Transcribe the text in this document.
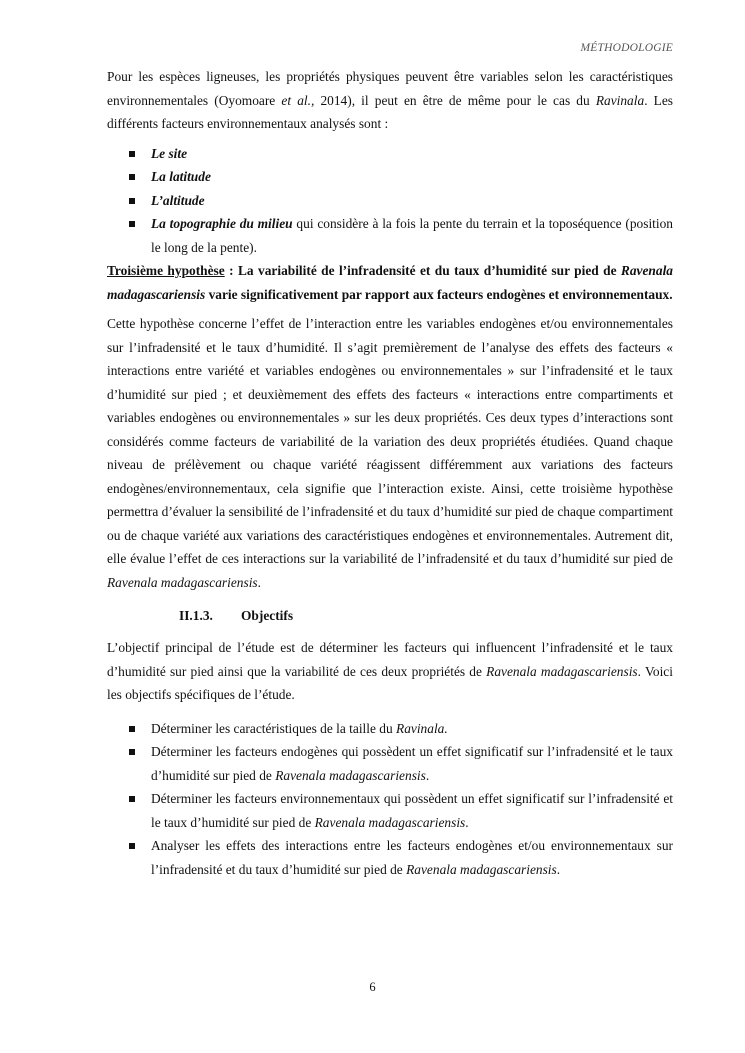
MÉTHODOLOGIE

Pour les espèces ligneuses, les propriétés physiques peuvent être variables selon les caractéristiques environnementales (Oyomoare et al., 2014), il peut en être de même pour le cas du Ravinala. Les différents facteurs environnementaux analysés sont :

Le site
La latitude
L’altitude
La topographie du milieu qui considère à la fois la pente du terrain et la toposéquence (position le long de la pente).

Troisième hypothèse : La variabilité de l’infradensité et du taux d’humidité sur pied de Ravenala madagascariensis varie significativement par rapport aux facteurs endogènes et environnementaux.

Cette hypothèse concerne l’effet de l’interaction entre les variables endogènes et/ou environnementales sur l’infradensité et le taux d’humidité. Il s’agit premièrement de l’analyse des effets des facteurs « interactions entre variété et variables endogènes ou environnementales » sur l’infradensité et le taux d’humidité sur pied ; et deuxièmement des effets des facteurs « interactions entre compartiments et variables endogènes ou environnementales » sur les deux propriétés. Ces deux types d’interactions sont considérés comme facteurs de variabilité de la variation des deux propriétés étudiées. Quand chaque niveau de prélèvement ou chaque variété réagissent différemment aux variations des facteurs endogènes/environnementaux, cela signifie que l’interaction existe. Ainsi, cette troisième hypothèse permettra d’évaluer la sensibilité de l’infradensité et du taux d’humidité sur pied de chaque compartiment ou de chaque variété aux variations des caractéristiques endogènes et environnementales. Autrement dit, elle évalue l’effet de ces interactions sur la variabilité de l’infradensité et du taux d’humidité sur pied de Ravenala madagascariensis.

II.1.3. Objectifs

L’objectif principal de l’étude est de déterminer les facteurs qui influencent l’infradensité et le taux d’humidité sur pied ainsi que la variabilité de ces deux propriétés de Ravenala madagascariensis. Voici les objectifs spécifiques de l’étude.

Déterminer les caractéristiques de la taille du Ravinala.
Déterminer les facteurs endogènes qui possèdent un effet significatif sur l’infradensité et le taux d’humidité sur pied de Ravenala madagascariensis.
Déterminer les facteurs environnementaux qui possèdent un effet significatif sur l’infradensité et le taux d’humidité sur pied de Ravenala madagascariensis.
Analyser les effets des interactions entre les facteurs endogènes et/ou environnementaux sur l’infradensité et du taux d’humidité sur pied de Ravenala madagascariensis.
6
